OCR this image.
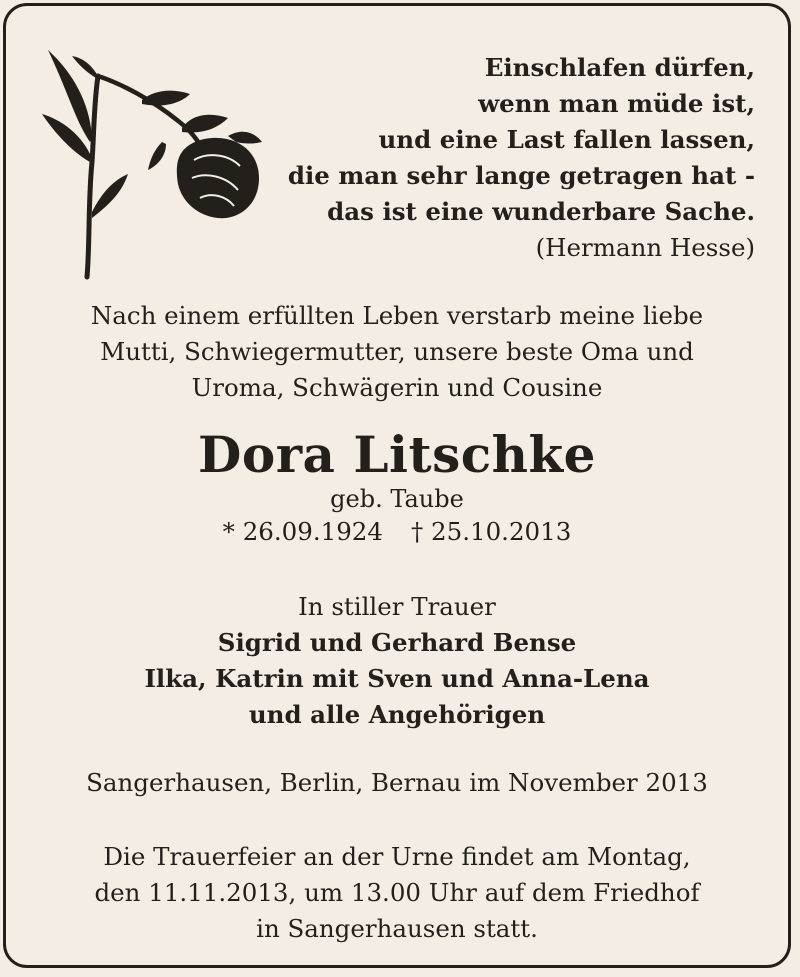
Einschlafen dürfen,
wenn man müde ist,
und eine Last fallen lassen,
die man sehr lange getragen hat -
das ist eine wunderbare Sache.
(Hermann Hesse)
Nach einem erfüllten Leben verstarb meine liebe
Mutti, Schwiegermutter, unsere beste Oma und
Uroma, Schwägerin und Cousine
Dora Litschke
geb. Taube
* 26.09.1924 † 25.10.2013
In stiller Trauer
Sigrid und Gerhard Bense
Ilka, Katrin mit Sven und Anna-Lena
und alle Angehörigen
Sangerhausen, Berlin, Bernau im November 2013
Die Trauerfeier an der Urne findet am Montag,
den 11.11.2013, um 13.00 Uhr auf dem Friedhof
in Sangerhausen statt.
